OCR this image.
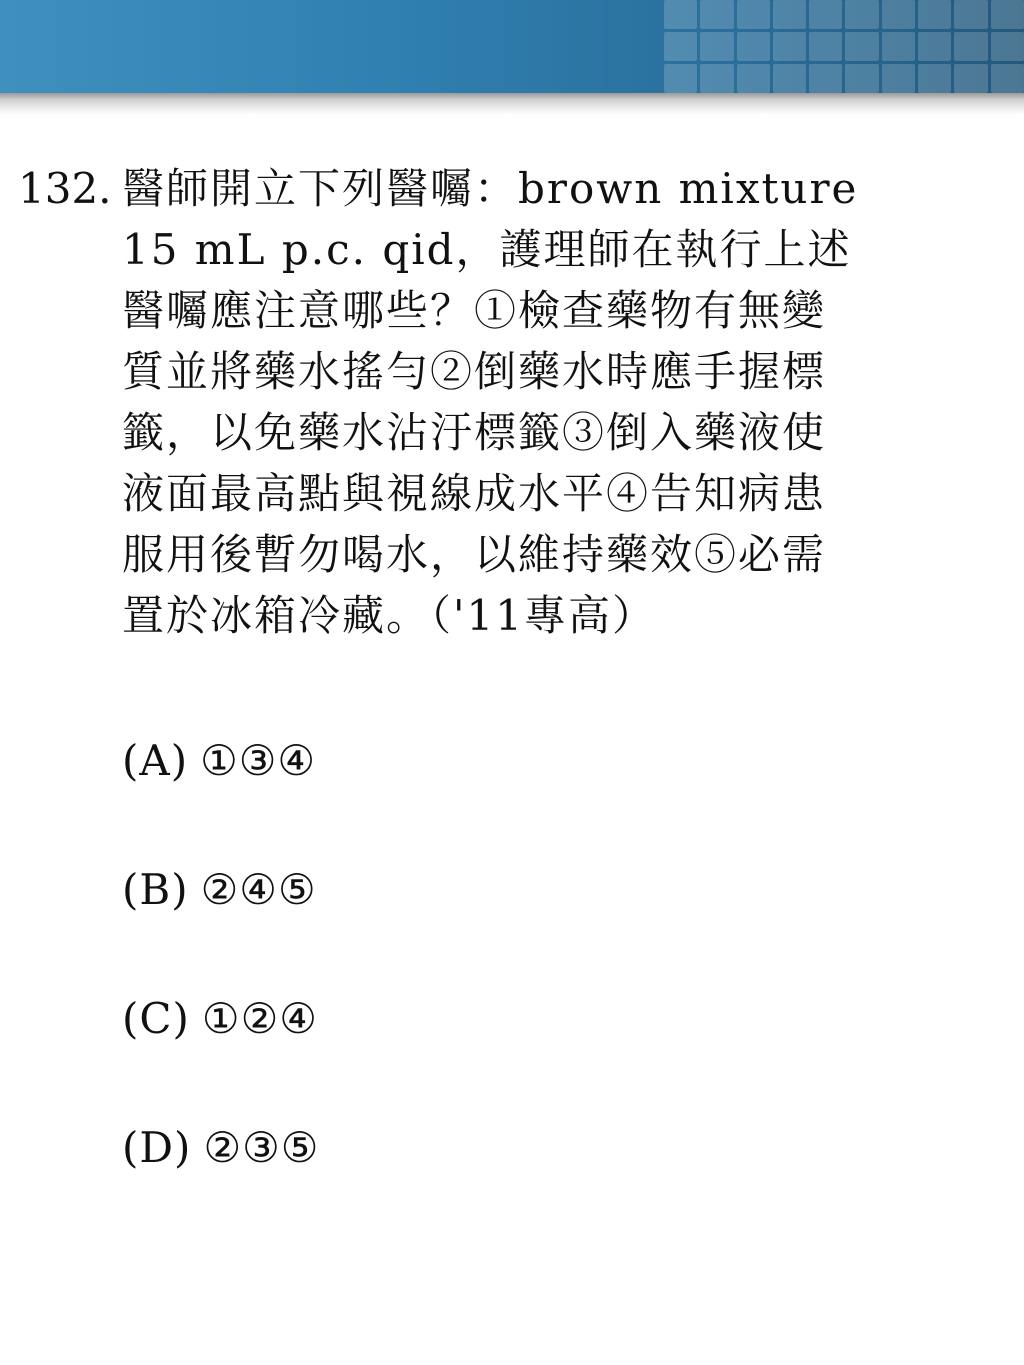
132. 醫師開立下列醫囑：brown mixture
15 mL p.c. qid，護理師在執行上述
醫囑應注意哪些？①檢查藥物有無變
質並將藥水搖勻②倒藥水時應手握標
籤，以免藥水沾汙標籤③倒入藥液使
液面最高點與視線成水平④告知病患
服用後暫勿喝水，以維持藥效⑤必需
置於冰箱冷藏。（'11專高）
(A) ①③④
(B) ②④⑤
(C) ①②④
(D) ②③⑤
